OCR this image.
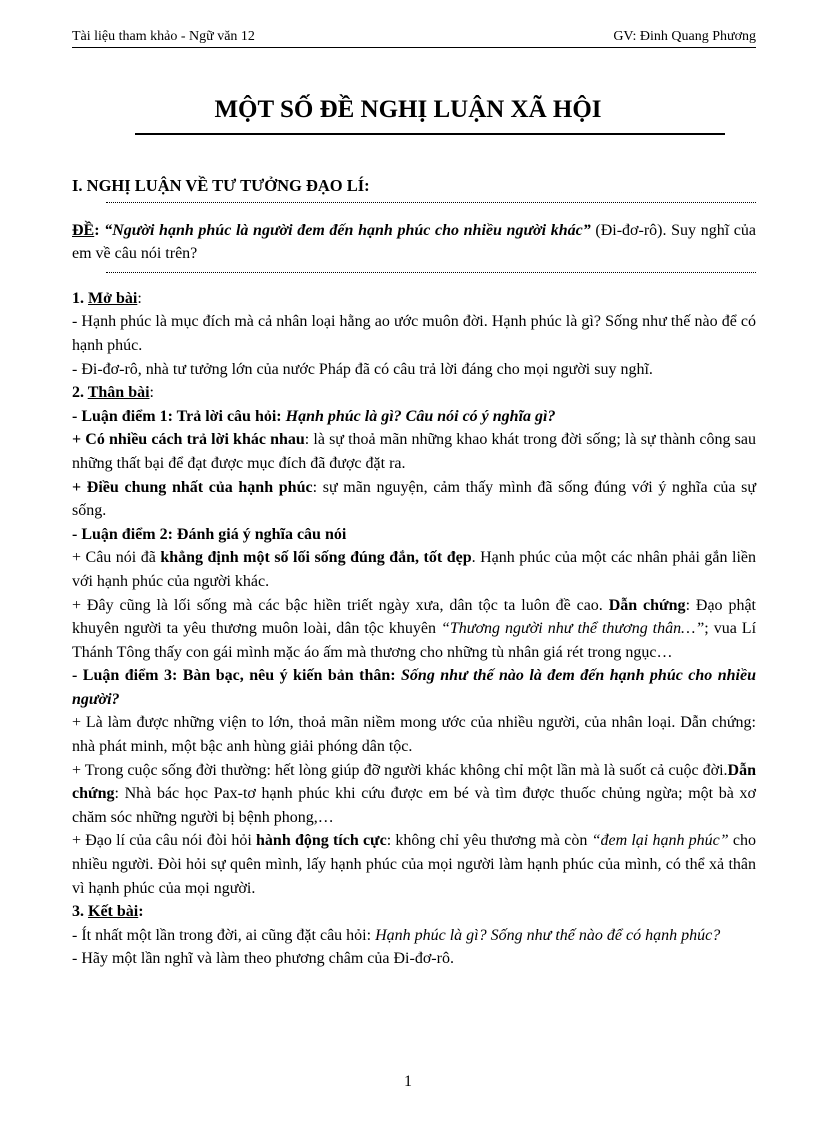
Tài liệu tham khảo - Ngữ văn 12	GV: Đinh Quang Phương
MỘT SỐ ĐỀ NGHỊ LUẬN XÃ HỘI

I. NGHỊ LUẬN VỀ TƯ TƯỞNG ĐẠO LÍ:

ĐỀ: “Người hạnh phúc là người đem đến hạnh phúc cho nhiều người khác” (Đi-đơ-rô). Suy nghĩ của em về câu nói trên?

1. Mở bài:

- Hạnh phúc là mục đích mà cả nhân loại hằng ao ước muôn đời. Hạnh phúc là gì? Sống như thế nào để có hạnh phúc.

- Đi-đơ-rô, nhà tư tưởng lớn của nước Pháp đã có câu trả lời đáng cho mọi người suy nghĩ.

2. Thân bài:

- Luận điểm 1: Trả lời câu hỏi: Hạnh phúc là gì? Câu nói có ý nghĩa gì?

+ Có nhiều cách trả lời khác nhau: là sự thoả mãn những khao khát trong đời sống; là sự thành công sau những thất bại để đạt được mục đích đã được đặt ra.

+ Điều chung nhất của hạnh phúc: sự mãn nguyện, cảm thấy mình đã sống đúng với ý nghĩa của sự sống.

- Luận điểm 2: Đánh giá ý nghĩa câu nói

+ Câu nói đã khẳng định một số lối sống đúng đắn, tốt đẹp. Hạnh phúc của một các nhân phải gắn liền với hạnh phúc của người khác.

+ Đây cũng là lối sống mà các bậc hiền triết ngày xưa, dân tộc ta luôn đề cao. Dẫn chứng: Đạo phật khuyên người ta yêu thương muôn loài, dân tộc khuyên “Thương người như thể thương thân…”; vua Lí Thánh Tông thấy con gái mình mặc áo ấm mà thương cho những tù nhân giá rét trong ngục…

- Luận điểm 3: Bàn bạc, nêu ý kiến bản thân: Sống như thế nào là đem đến hạnh phúc cho nhiều người?

+ Là làm được những viện to lớn, thoả mãn niềm mong ước của nhiều người, của nhân loại. Dẫn chứng: nhà phát minh, một bậc anh hùng giải phóng dân tộc.

+ Trong cuộc sống đời thường: hết lòng giúp đỡ người khác không chỉ một lần mà là suốt cả cuộc đời.Dẫn chứng: Nhà bác học Pax-tơ hạnh phúc khi cứu được em bé và tìm được thuốc chủng ngừa; một bà xơ chăm sóc những người bị bệnh phong,…

+ Đạo lí của câu nói đòi hỏi hành động tích cực: không chỉ yêu thương mà còn “đem lại hạnh phúc” cho nhiều người. Đòi hỏi sự quên mình, lấy hạnh phúc của mọi người làm hạnh phúc của mình, có thể xả thân vì hạnh phúc của mọi người.

3. Kết bài:

- Ít nhất một lần trong đời, ai cũng đặt câu hỏi: Hạnh phúc là gì? Sống như thế nào để có hạnh phúc?

- Hãy một lần nghĩ và làm theo phương châm của Đi-đơ-rô.

1
